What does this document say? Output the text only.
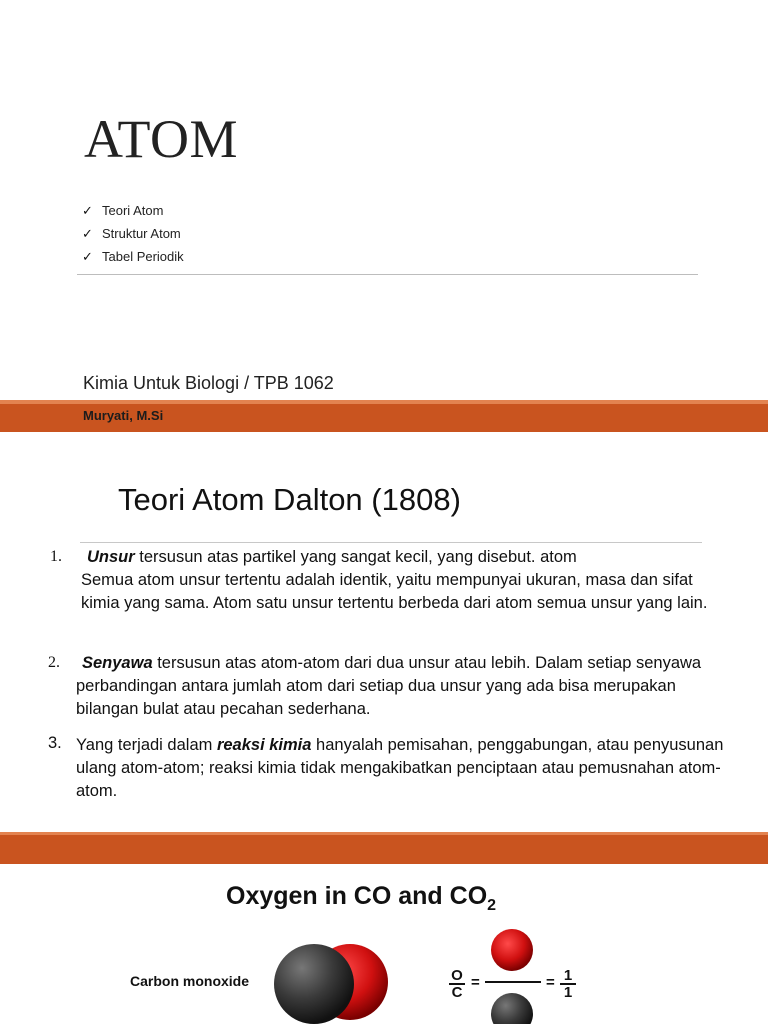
ATOM
✓ Teori Atom
✓ Struktur Atom
✓ Tabel Periodik
Kimia Untuk Biologi / TPB 1062
Muryati, M.Si
Teori Atom Dalton (1808)
1.	Unsur tersusun atas partikel yang sangat kecil, yang disebut. atom
Semua atom unsur tertentu adalah identik, yaitu mempunyai ukuran, masa dan sifat kimia yang sama. Atom satu unsur tertentu berbeda dari atom semua unsur yang lain.
2.	Senyawa tersusun atas atom-atom dari dua unsur atau lebih. Dalam setiap senyawa perbandingan antara jumlah atom dari setiap dua unsur yang ada bisa merupakan bilangan bulat atau pecahan sederhana.
3. Yang terjadi dalam reaksi kimia hanyalah pemisahan, penggabungan, atau penyusunan ulang atom-atom; reaksi kimia tidak mengakibatkan penciptaan atau pemusnahan atom-atom.
Oxygen in CO and $CO_2$
Carbon monoxide	$\frac{O}{C}$ =	= $\frac{1}{1}$
